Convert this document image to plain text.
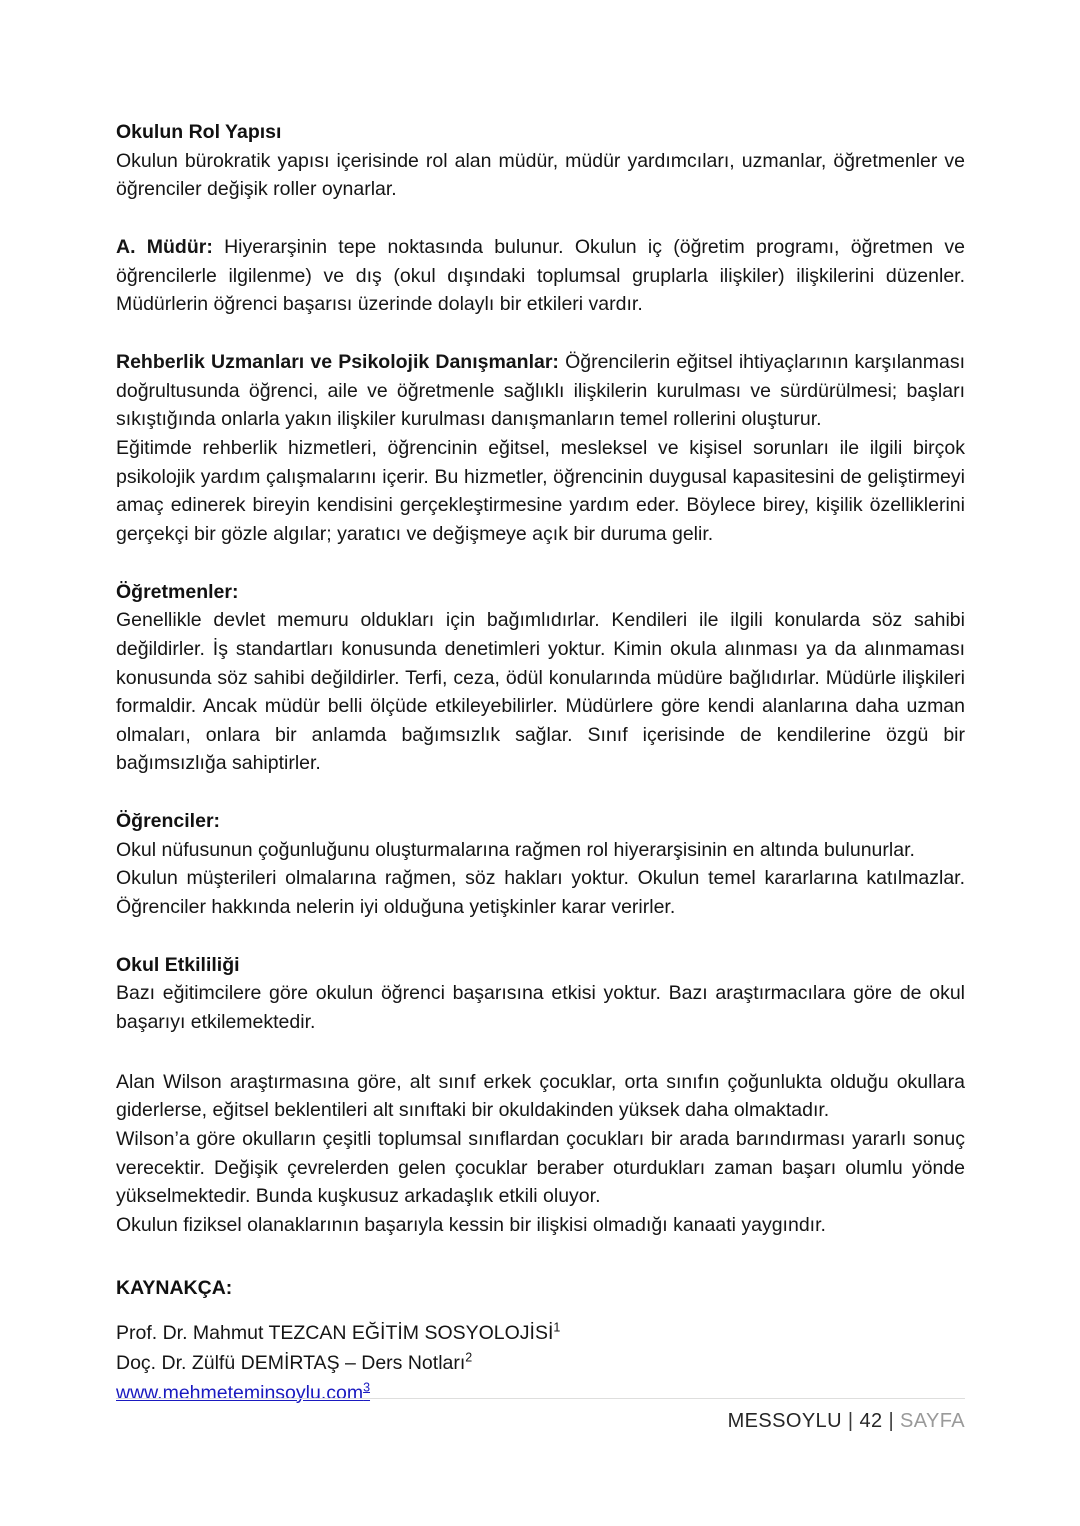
Okulun Rol Yapısı

Okulun bürokratik yapısı içerisinde rol alan müdür, müdür yardımcıları, uzmanlar, öğretmenler ve öğrenciler değişik roller oynarlar.

A. Müdür: Hiyerarşinin tepe noktasında bulunur. Okulun iç (öğretim programı, öğretmen ve öğrencilerle ilgilenme) ve dış (okul dışındaki toplumsal gruplarla ilişkiler) ilişkilerini düzenler. Müdürlerin öğrenci başarısı üzerinde dolaylı bir etkileri vardır.

Rehberlik Uzmanları ve Psikolojik Danışmanlar: Öğrencilerin eğitsel ihtiyaçlarının karşılanması doğrultusunda öğrenci, aile ve öğretmenle sağlıklı ilişkilerin kurulması ve sürdürülmesi; başları sıkıştığında onlarla yakın ilişkiler kurulması danışmanların temel rollerini oluşturur.

Eğitimde rehberlik hizmetleri, öğrencinin eğitsel, mesleksel ve kişisel sorunları ile ilgili birçok psikolojik yardım çalışmalarını içerir. Bu hizmetler, öğrencinin duygusal kapasitesini de geliştirmeyi amaç edinerek bireyin kendisini gerçekleştirmesine yardım eder. Böylece birey, kişilik özelliklerini gerçekçi bir gözle algılar; yaratıcı ve değişmeye açık bir duruma gelir.

Öğretmenler:

Genellikle devlet memuru oldukları için bağımlıdırlar. Kendileri ile ilgili konularda söz sahibi değildirler. İş standartları konusunda denetimleri yoktur. Kimin okula alınması ya da alınmaması konusunda söz sahibi değildirler. Terfi, ceza, ödül konularında müdüre bağlıdırlar. Müdürle ilişkileri formaldir. Ancak müdür belli ölçüde etkileyebilirler. Müdürlere göre kendi alanlarına daha uzman olmaları, onlara bir anlamda bağımsızlık sağlar. Sınıf içerisinde de kendilerine özgü bir bağımsızlığa sahiptirler.

Öğrenciler:

Okul nüfusunun çoğunluğunu oluşturmalarına rağmen rol hiyerarşisinin en altında bulunurlar.

Okulun müşterileri olmalarına rağmen, söz hakları yoktur. Okulun temel kararlarına katılmazlar. Öğrenciler hakkında nelerin iyi olduğuna yetişkinler karar verirler.

Okul Etkililiği

Bazı eğitimcilere göre okulun öğrenci başarısına etkisi yoktur. Bazı araştırmacılara göre de okul başarıyı etkilemektedir.

Alan Wilson araştırmasına göre, alt sınıf erkek çocuklar, orta sınıfın çoğunlukta olduğu okullara giderlerse, eğitsel beklentileri alt sınıftaki bir okuldakinden yüksek daha olmaktadır.

Wilson’a göre okulların çeşitli toplumsal sınıflardan çocukları bir arada barındırması yararlı sonuç verecektir. Değişik çevrelerden gelen çocuklar beraber oturdukları zaman başarı olumlu yönde yükselmektedir. Bunda kuşkusuz arkadaşlık etkili oluyor.

Okulun fiziksel olanaklarının başarıyla kessin bir ilişkisi olmadığı kanaati yaygındır.

KAYNAKÇA:
Prof. Dr. Mahmut TEZCAN EĞİTİM SOSYOLOJİSİ$^1$
Doç. Dr. Zülfü DEMİRTAŞ – Ders Notları$^2$
www.mehmeteminsoylu.com$^3$
MESSOYLU | 42 | SAYFA
